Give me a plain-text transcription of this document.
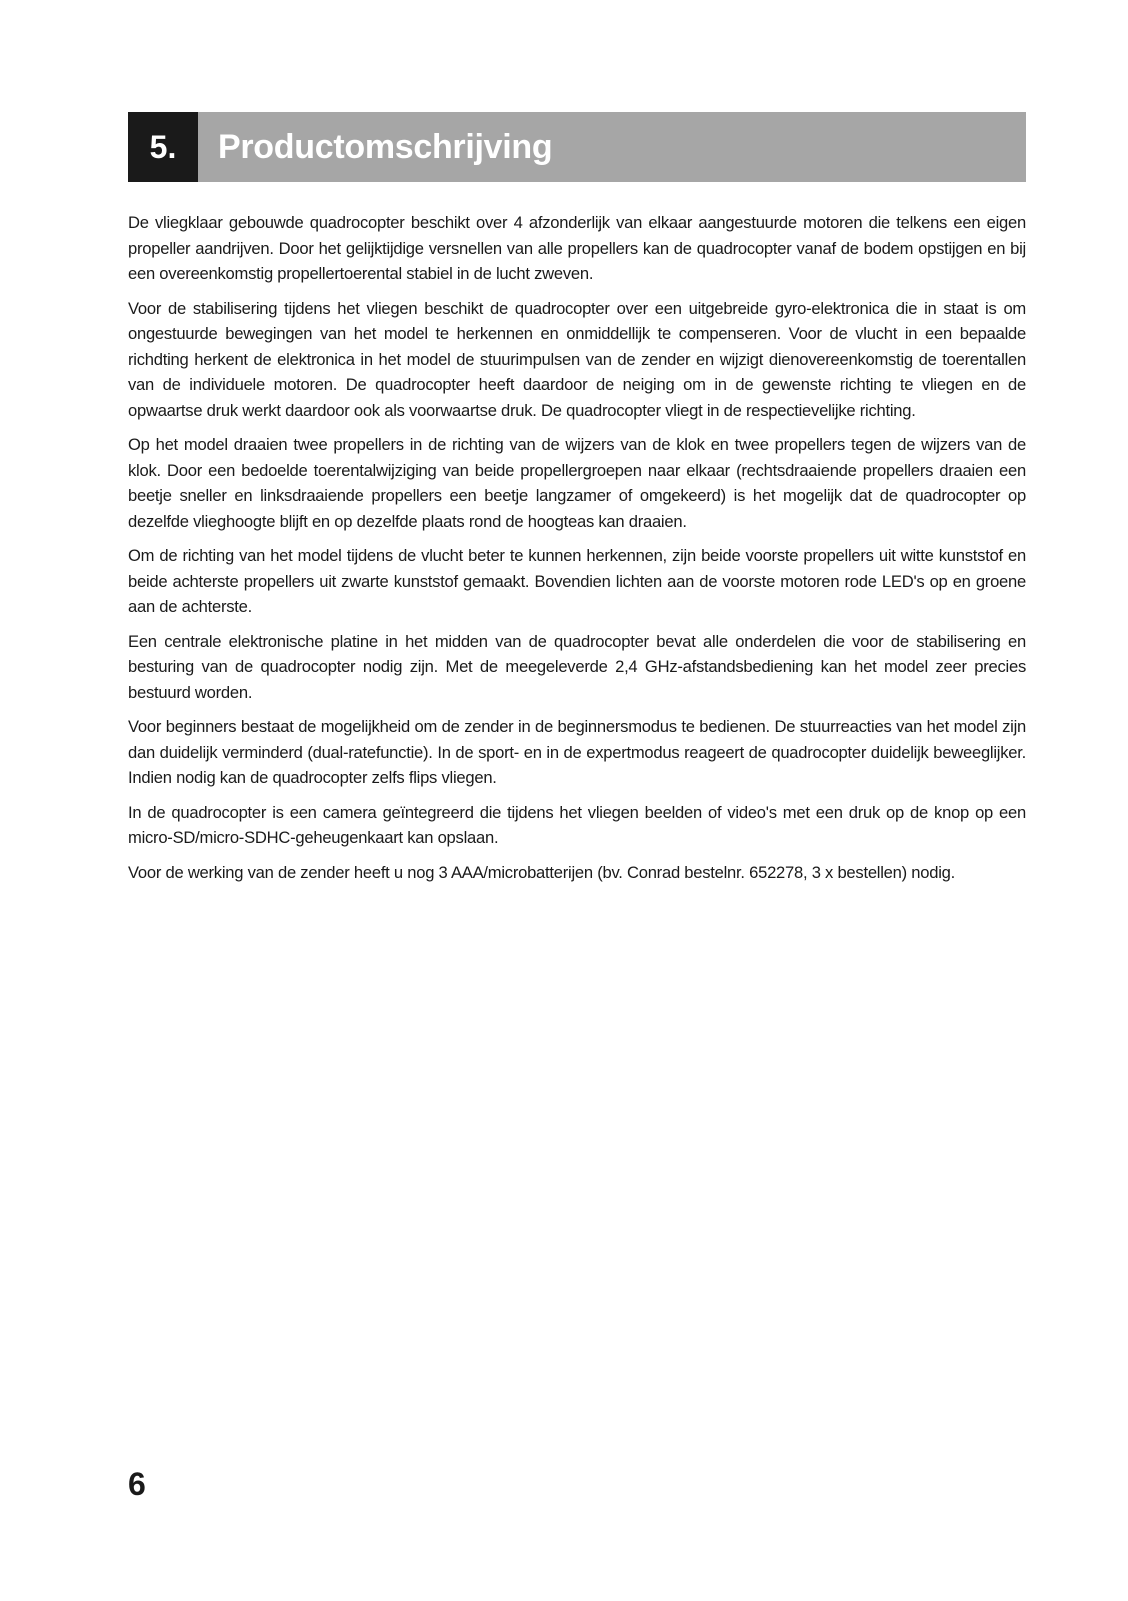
5.	Productomschrijving

De vliegklaar gebouwde quadrocopter beschikt over 4 afzonderlijk van elkaar aangestuurde motoren die telkens een eigen propeller aandrijven. Door het gelijktijdige versnellen van alle propellers kan de quadrocopter vanaf de bodem opstijgen en bij een overeenkomstig propellertoerental stabiel in de lucht zweven.

Voor de stabilisering tijdens het vliegen beschikt de quadrocopter over een uitgebreide gyro-elektronica die in staat is om ongestuurde bewegingen van het model te herkennen en onmiddellijk te compenseren. Voor de vlucht in een bepaalde richdting herkent de elektronica in het model de stuurimpulsen van de zender en wijzigt dienovereenkomstig de toerentallen van de individuele motoren. De quadrocopter heeft daardoor de neiging om in de gewenste richting te vliegen en de opwaartse druk werkt daardoor ook als voorwaartse druk. De quadrocopter vliegt in de respectievelijke richting.

Op het model draaien twee propellers in de richting van de wijzers van de klok en twee propellers tegen de wijzers van de klok. Door een bedoelde toerentalwijziging van beide propellergroepen naar elkaar (rechtsdraaiende propellers draaien een beetje sneller en linksdraaiende propellers een beetje langzamer of omgekeerd) is het mogelijk dat de quadrocopter op dezelfde vlieghoogte blijft en op dezelfde plaats rond de hoogteas kan draaien.

Om de richting van het model tijdens de vlucht beter te kunnen herkennen, zijn beide voorste propellers uit witte kunststof en beide achterste propellers uit zwarte kunststof gemaakt. Bovendien lichten aan de voorste motoren rode LED's op en groene aan de achterste.

Een centrale elektronische platine in het midden van de quadrocopter bevat alle onderdelen die voor de stabilisering en besturing van de quadrocopter nodig zijn. Met de meegeleverde 2,4 GHz-afstandsbediening kan het model zeer precies bestuurd worden.

Voor beginners bestaat de mogelijkheid om de zender in de beginnersmodus te bedienen. De stuurreacties van het model zijn dan duidelijk verminderd (dual-ratefunctie). In de sport- en in de expertmodus reageert de quadrocopter duidelijk beweeglijker. Indien nodig kan de quadrocopter zelfs flips vliegen.

In de quadrocopter is een camera geïntegreerd die tijdens het vliegen beelden of video's met een druk op de knop op een micro-SD/micro-SDHC-geheugenkaart kan opslaan.

Voor de werking van de zender heeft u nog 3 AAA/microbatterijen (bv. Conrad bestelnr. 652278, 3 x bestellen) nodig.

6
